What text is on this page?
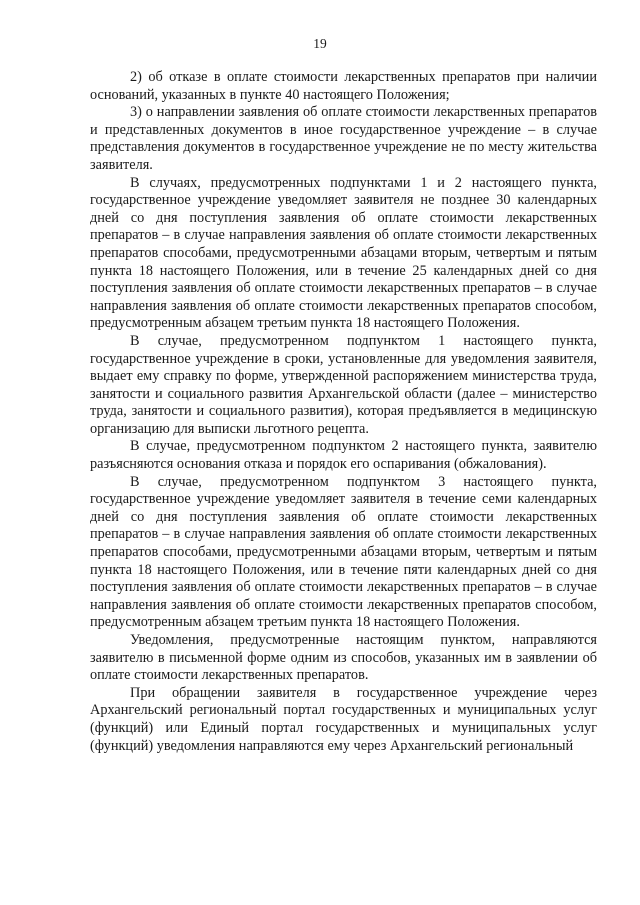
19

2) об отказе в оплате стоимости лекарственных препаратов при наличии оснований, указанных в пункте 40 настоящего Положения;

3) о направлении заявления об оплате стоимости лекарственных препаратов и представленных документов в иное государственное учреждение – в случае представления документов в государственное учреждение не по месту жительства заявителя.

В случаях, предусмотренных подпунктами 1 и 2 настоящего пункта, государственное учреждение уведомляет заявителя не позднее 30 календарных дней со дня поступления заявления об оплате стоимости лекарственных препаратов – в случае направления заявления об оплате стоимости лекарственных препаратов способами, предусмотренными абзацами вторым, четвертым и пятым пункта 18 настоящего Положения, или в течение 25 календарных дней со дня поступления заявления об оплате стоимости лекарственных препаратов – в случае направления заявления об оплате стоимости лекарственных препаратов способом, предусмотренным абзацем третьим пункта 18 настоящего Положения.

В случае, предусмотренном подпунктом 1 настоящего пункта, государственное учреждение в сроки, установленные для уведомления заявителя, выдает ему справку по форме, утвержденной распоряжением министерства труда, занятости и социального развития Архангельской области (далее – министерство труда, занятости и социального развития), которая предъявляется в медицинскую организацию для выписки льготного рецепта.

В случае, предусмотренном подпунктом 2 настоящего пункта, заявителю разъясняются основания отказа и порядок его оспаривания (обжалования).

В случае, предусмотренном подпунктом 3 настоящего пункта, государственное учреждение уведомляет заявителя в течение семи календарных дней со дня поступления заявления об оплате стоимости лекарственных препаратов – в случае направления заявления об оплате стоимости лекарственных препаратов способами, предусмотренными абзацами вторым, четвертым и пятым пункта 18 настоящего Положения, или в течение пяти календарных дней со дня поступления заявления об оплате стоимости лекарственных препаратов – в случае направления заявления об оплате стоимости лекарственных препаратов способом, предусмотренным абзацем третьим пункта 18 настоящего Положения.

Уведомления, предусмотренные настоящим пунктом, направляются заявителю в письменной форме одним из способов, указанных им в заявлении об оплате стоимости лекарственных препаратов.

При обращении заявителя в государственное учреждение через Архангельский региональный портал государственных и муниципальных услуг (функций) или Единый портал государственных и муниципальных услуг (функций) уведомления направляются ему через Архангельский региональный
